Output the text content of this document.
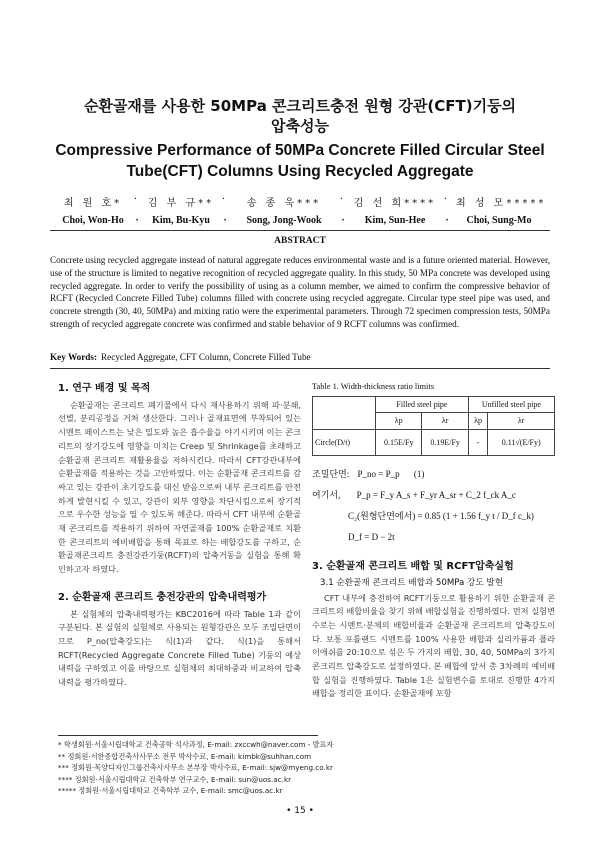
순환골재를 사용한 50MPa 콘크리트충전 원형 강관(CFT)기둥의
압축성능
Compressive Performance of 50MPa Concrete Filled Circular Steel
Tube(CFT) Columns Using Recycled Aggregate
최 원 호*	· 김 부 규** ·	송 종 욱***	· 김 선 희**** · 최 성 모*****
Choi, Won-Ho	·	Kim, Bu-Kyu	·	Song, Jong-Wook	·	Kim, Sun-Hee	·	Choi, Sung-Mo
ABSTRACT
Concrete using recycled aggregate instead of natural aggregate reduces environmental waste and is a future oriented material. However, use of the structure is limited to negative recognition of recycled aggregate quality. In this study, 50 MPa concrete was developed using recycled aggregate. In order to verify the possibility of using as a column member, we aimed to confirm the compressive behavior of RCFT (Recycled Concrete Filled Tube) columns filled with concrete using recycled aggregate. Circular type steel pipe was used, and concrete strength (30, 40, 50MPa) and mixing ratio were the experimental parameters. Through 72 specimen compression tests, 50MPa strength of recycled aggregate concrete was confirmed and stable behavior of 9 RCFT columns was confirmed.
Key Words: Recycled Aggregate, CFT Column, Concrete Filled Tube
1. 연구 배경 및 목적
순환골재는 콘크리트 폐기물에서 다시 재사용하기 위해 파·분쇄, 선별, 분리공정을 거쳐 생산한다. 그러나 골재표면에 부착되어 있는 시멘트 페이스트는 낮은 밀도와 높은 흡수율을 야기시키며 이는 콘크리트의 장기강도에 영향을 미치는 Creep 및 Shrinkage를 초래하고 순환골재 콘크리트 재활용율을 저하시킨다. 따라서 CFT강관내부에 순환골재를 적용하는 것을 고안하였다. 이는 순환골재 콘크리트를 감싸고 있는 강관이 초기강도를 대신 받음으로써 내부 콘크리트를 안전하게 발현시킬 수 있고, 강관이 외부 영향을 차단시킴으로써 장기적으로 우수한 성능을 띨 수 있도록 해준다. 따라서 CFT 내부에 순환골재 콘크리트를 적용하기 위하여 자연골재를 100% 순환골재로 치환한 콘크리트의 예비배합을 통해 목표로 하는 배합강도를 구하고, 순환골재콘크리트 충전강관기둥(RCFT)의 압축거동을 실험을 통해 확인하고자 하였다.
2. 순환골재 콘크리트 충전강관의 압축내력평가
본 실험체의 압축내력평가는 KBC2016에 따라 Table 1과 같이 구분된다. 본 실험의 실험체로 사용되는 원형강관은 모두 조밀단면이므로 P_no(압축강도)는 식(1)과 같다. 식(1)을 통해서 RCFT(Recycled Aggregate Concrete Filled Tube) 기둥의 예상내력을 구하였고 이를 바탕으로 실험체의 최대하중과 비교하여 압축내력을 평가하였다.
Table 1. Width-thickness ratio limits
	Filled steel pipe		Unfilled steel pipe	
	λp	λr	λp	λr
Circle(D/t)	0.15E/Fy	0.19E/Fy	-	0.11√(E/Fy)
조밀단면: P_no = P_p (1)
여기서, P_p = F_y A_s + F_yr A_sr + C_2 f_ck A_c
C₂(원형단면에서) = 0.85 (1 + 1.56 f_y t / D_f c_k)
D_f = D − 2t
3. 순환골재 콘크리트 배합 및 RCFT압축실험
3.1 순환골재 콘크리트 배합과 50MPa 강도 발현
CFT 내부에 충전하여 RCFT기둥으로 활용하기 위한 순환골재 콘크리트의 배합비율을 찾기 위해 배합실험을 진행하였다. 먼저 실험변수로는 시멘트·분체의 배합비율과 순환골재 콘크리트의 압축강도이다. 보통 포틀랜드 시멘트를 100% 사용한 배합과 실리카퓸과 플라이애쉬를 20:10으로 섞은 두 가지의 배합, 30, 40, 50MPa의 3가지 콘크리트 압축강도로 설정하였다. 본 배합에 앞서 총 3차례의 예비배합 실험을 진행하였다. Table 1은 실험변수를 토대로 진행한 4가지 배합을 정리한 표이다. 순환골재에 포함
* 학생회원·서울시립대학교 건축공학 석사과정, E-mail: zxccwh@naver.com - 발표자
** 정회원·서한종합건축사사무소 전무 박사수료, E-mail: kimbk@suhhan.com
*** 정회원·목양디자인그룹건축사사무소 본부장 박사수료, E-mail: sjw@myeng.co.kr
**** 정회원·서울시립대학교 건축학부 연구교수, E-mail: sun@uos.ac.kr
***** 정회원·서울시립대학교 건축학부 교수, E-mail: smc@uos.ac.kr
• 15 •
